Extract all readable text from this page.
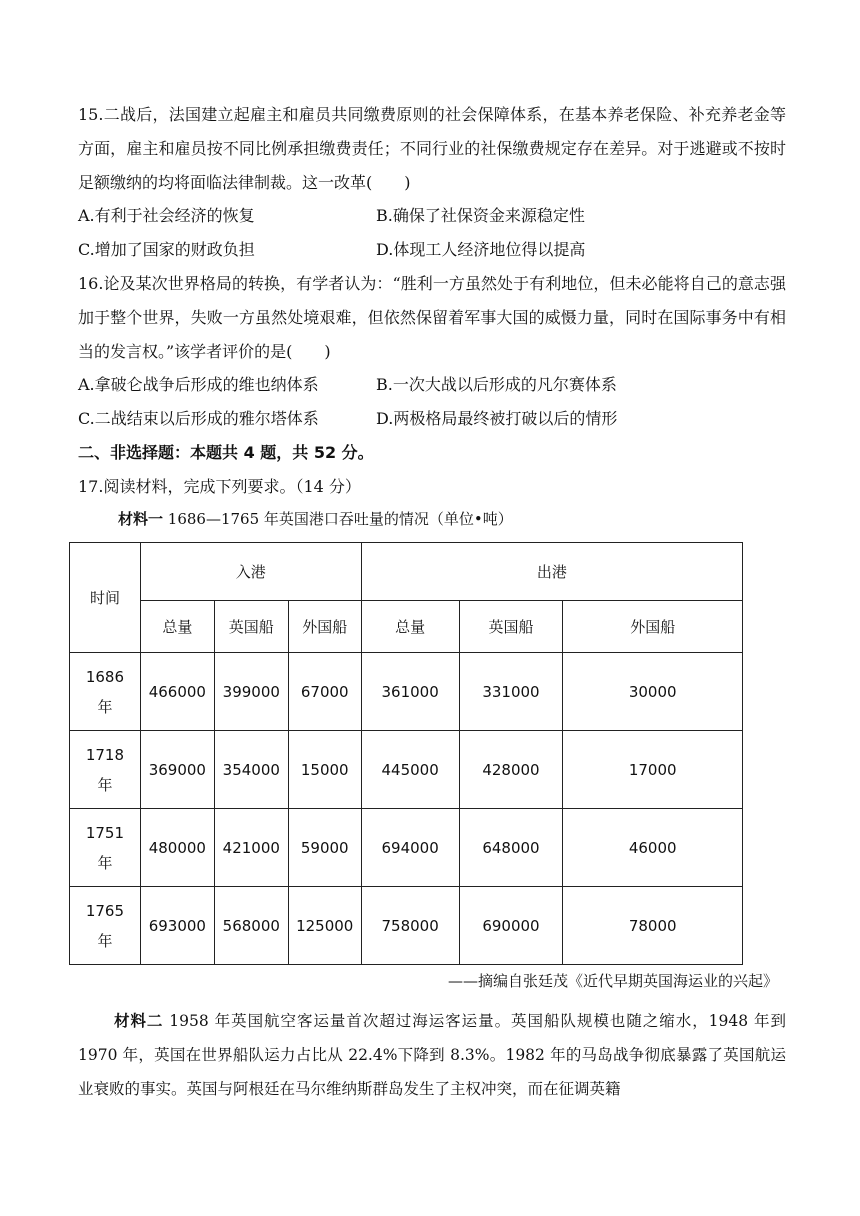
15.二战后，法国建立起雇主和雇员共同缴费原则的社会保障体系，在基本养老保险、补充养老金等方面，雇主和雇员按不同比例承担缴费责任；不同行业的社保缴费规定存在差异。对于逃避或不按时足额缴纳的均将面临法律制裁。这一改革(　　)

A.有利于社会经济的恢复	B.确保了社保资金来源稳定性
C.增加了国家的财政负担	D.体现工人经济地位得以提高

16.论及某次世界格局的转换，有学者认为：“胜利一方虽然处于有利地位，但未必能将自己的意志强加于整个世界，失败一方虽然处境艰难，但依然保留着军事大国的威慑力量，同时在国际事务中有相当的发言权。”该学者评价的是(　　)

A.拿破仑战争后形成的维也纳体系	B.一次大战以后形成的凡尔赛体系
C.二战结束以后形成的雅尔塔体系	D.两极格局最终被打破以后的情形
二、非选择题：本题共 4 题，共 52 分。
17.阅读材料，完成下列要求。（14 分）
材料一 1686—1765 年英国港口吞吐量的情况（单位•吨）
时间	入港			出港		
	总量	英国船	外国船	总量	英国船	外国船
1686
年	466000	399000	67000	361000	331000	30000
1718
年	369000	354000	15000	445000	428000	17000
1751
年	480000	421000	59000	694000	648000	46000
1765
年	693000	568000	125000	758000	690000	78000
——摘编自张廷茂《近代早期英国海运业的兴起》

材料二 1958 年英国航空客运量首次超过海运客运量。英国船队规模也随之缩水，1948 年到 1970 年，英国在世界船队运力占比从 22.4%下降到 8.3%。1982 年的马岛战争彻底暴露了英国航运业衰败的事实。英国与阿根廷在马尔维纳斯群岛发生了主权冲突，而在征调英籍
